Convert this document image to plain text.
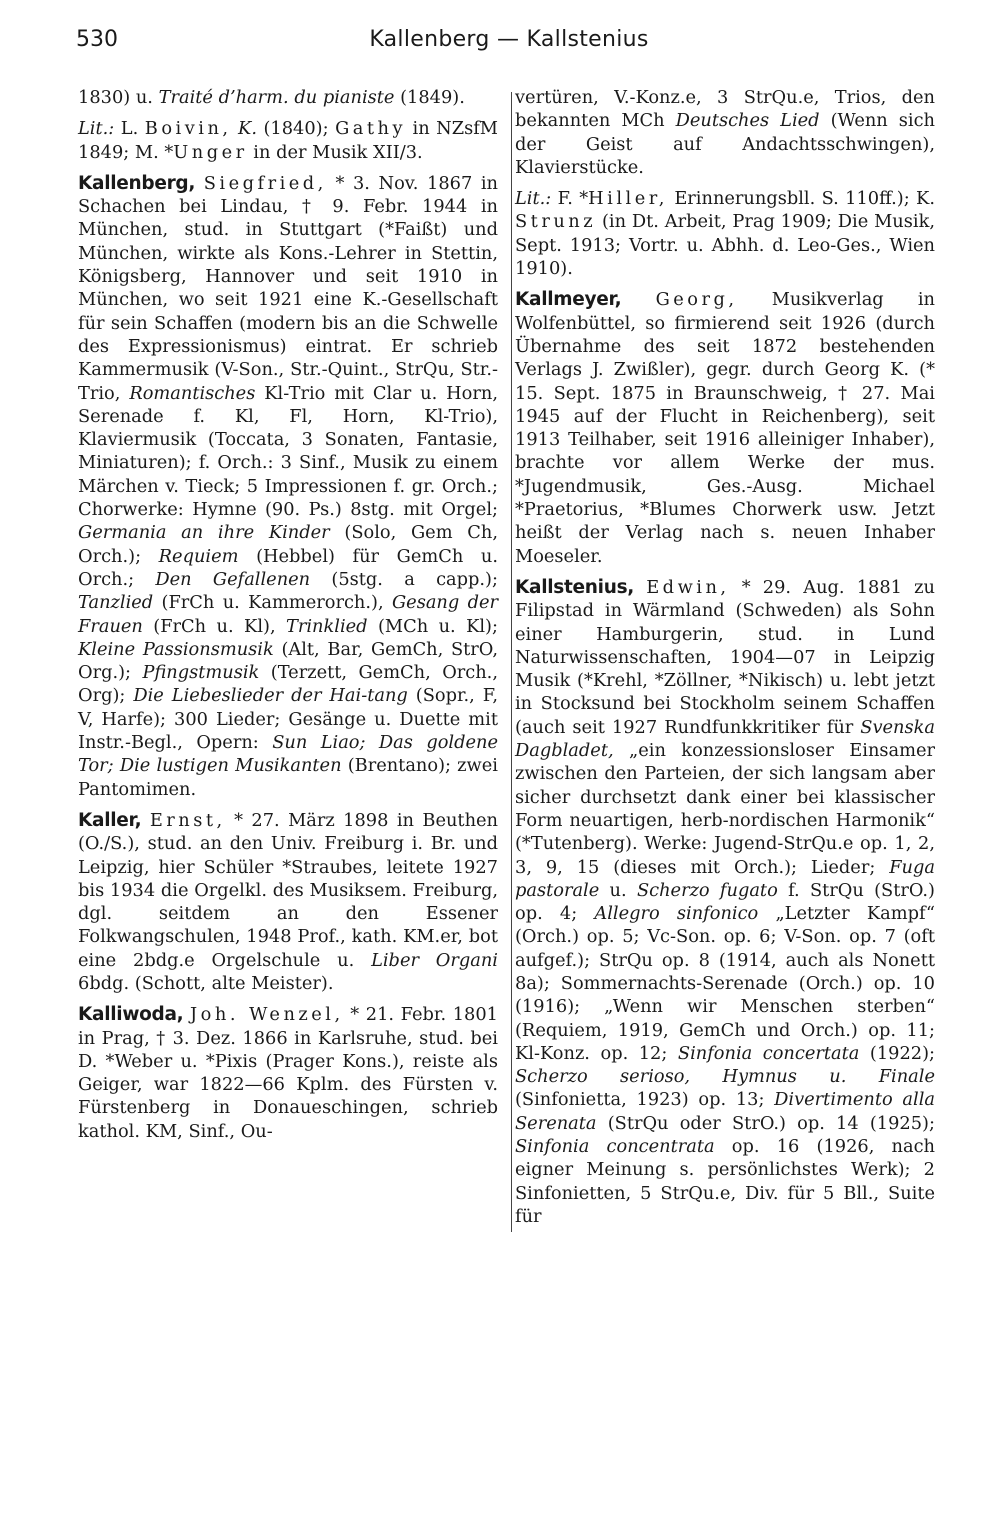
530	Kallenberg — Kallstenius

1830) u. Traité d’harm. du pianiste (1849).

Lit.: L. Boivin, K. (1840); Gathy in NZsfM 1849; M. *Unger in der Musik XII/3.

Kallenberg, Siegfried, * 3. Nov. 1867 in Schachen bei Lindau, † 9. Febr. 1944 in München, stud. in Stuttgart (*Faißt) und München, wirkte als Kons.-Lehrer in Stettin, Königsberg, Hannover und seit 1910 in München, wo seit 1921 eine K.-Gesellschaft für sein Schaffen (modern bis an die Schwelle des Expressionismus) eintrat. Er schrieb Kammermusik (V-Son., Str.-Quint., StrQu, Str.-Trio, Romantisches Kl-Trio mit Clar u. Horn, Serenade f. Kl, Fl, Horn, Kl-Trio), Klaviermusik (Toccata, 3 Sonaten, Fantasie, Miniaturen); f. Orch.: 3 Sinf., Musik zu einem Märchen v. Tieck; 5 Impressionen f. gr. Orch.; Chorwerke: Hymne (90. Ps.) 8stg. mit Orgel; Germania an ihre Kinder (Solo, Gem Ch, Orch.); Requiem (Hebbel) für GemCh u. Orch.; Den Gefallenen (5stg. a capp.); Tanzlied (FrCh u. Kammerorch.), Gesang der Frauen (FrCh u. Kl), Trinklied (MCh u. Kl); Kleine Passionsmusik (Alt, Bar, GemCh, StrO, Org.); Pfingstmusik (Terzett, GemCh, Orch., Org); Die Liebeslieder der Hai-tang (Sopr., F, V, Harfe); 300 Lieder; Gesänge u. Duette mit Instr.-Begl., Opern: Sun Liao; Das goldene Tor; Die lustigen Musikanten (Brentano); zwei Pantomimen.

Kaller, Ernst, * 27. März 1898 in Beuthen (O./S.), stud. an den Univ. Freiburg i. Br. und Leipzig, hier Schüler *Straubes, leitete 1927 bis 1934 die Orgelkl. des Musiksem. Freiburg, dgl. seitdem an den Essener Folkwangschulen, 1948 Prof., kath. KM.er, bot eine 2bdg.e Orgelschule u. Liber Organi 6bdg. (Schott, alte Meister).

Kalliwoda, Joh. Wenzel, * 21. Febr. 1801 in Prag, † 3. Dez. 1866 in Karlsruhe, stud. bei D. *Weber u. *Pixis (Prager Kons.), reiste als Geiger, war 1822—66 Kplm. des Fürsten v. Fürstenberg in Donaueschingen, schrieb kathol. KM, Sinf., Ou-

vertüren, V.-Konz.e, 3 StrQu.e, Trios, den bekannten MCh Deutsches Lied (Wenn sich der Geist auf Andachtsschwingen), Klavierstücke.

Lit.: F. *Hiller, Erinnerungsbll. S. 110ff.); K. Strunz (in Dt. Arbeit, Prag 1909; Die Musik, Sept. 1913; Vortr. u. Abhh. d. Leo-Ges., Wien 1910).

Kallmeyer, Georg, Musikverlag in Wolfenbüttel, so firmierend seit 1926 (durch Übernahme des seit 1872 bestehenden Verlags J. Zwißler), gegr. durch Georg K. (* 15. Sept. 1875 in Braunschweig, † 27. Mai 1945 auf der Flucht in Reichenberg), seit 1913 Teilhaber, seit 1916 alleiniger Inhaber), brachte vor allem Werke der mus. *Jugendmusik, Ges.-Ausg. Michael *Praetorius, *Blumes Chorwerk usw. Jetzt heißt der Verlag nach s. neuen Inhaber Moeseler.

Kallstenius, Edwin, * 29. Aug. 1881 zu Filipstad in Wärmland (Schweden) als Sohn einer Hamburgerin, stud. in Lund Naturwissenschaften, 1904—07 in Leipzig Musik (*Krehl, *Zöllner, *Nikisch) u. lebt jetzt in Stocksund bei Stockholm seinem Schaffen (auch seit 1927 Rundfunkkritiker für Svenska Dagbladet, „ein konzessionsloser Einsamer zwischen den Parteien, der sich langsam aber sicher durchsetzt dank einer bei klassischer Form neuartigen, herb-nordischen Harmonik“ (*Tutenberg). Werke: Jugend-StrQu.e op. 1, 2, 3, 9, 15 (dieses mit Orch.); Lieder; Fuga pastorale u. Scherzo fugato f. StrQu (StrO.) op. 4; Allegro sinfonico „Letzter Kampf“ (Orch.) op. 5; Vc-Son. op. 6; V-Son. op. 7 (oft aufgef.); StrQu op. 8 (1914, auch als Nonett 8a); Sommernachts-Serenade (Orch.) op. 10 (1916); „Wenn wir Menschen sterben“ (Requiem, 1919, GemCh und Orch.) op. 11; Kl-Konz. op. 12; Sinfonia concertata (1922); Scherzo serioso, Hymnus u. Finale (Sinfonietta, 1923) op. 13; Divertimento alla Serenata (StrQu oder StrO.) op. 14 (1925); Sinfonia concentrata op. 16 (1926, nach eigner Meinung s. persönlichstes Werk); 2 Sinfonietten, 5 StrQu.e, Div. für 5 Bll., Suite für
